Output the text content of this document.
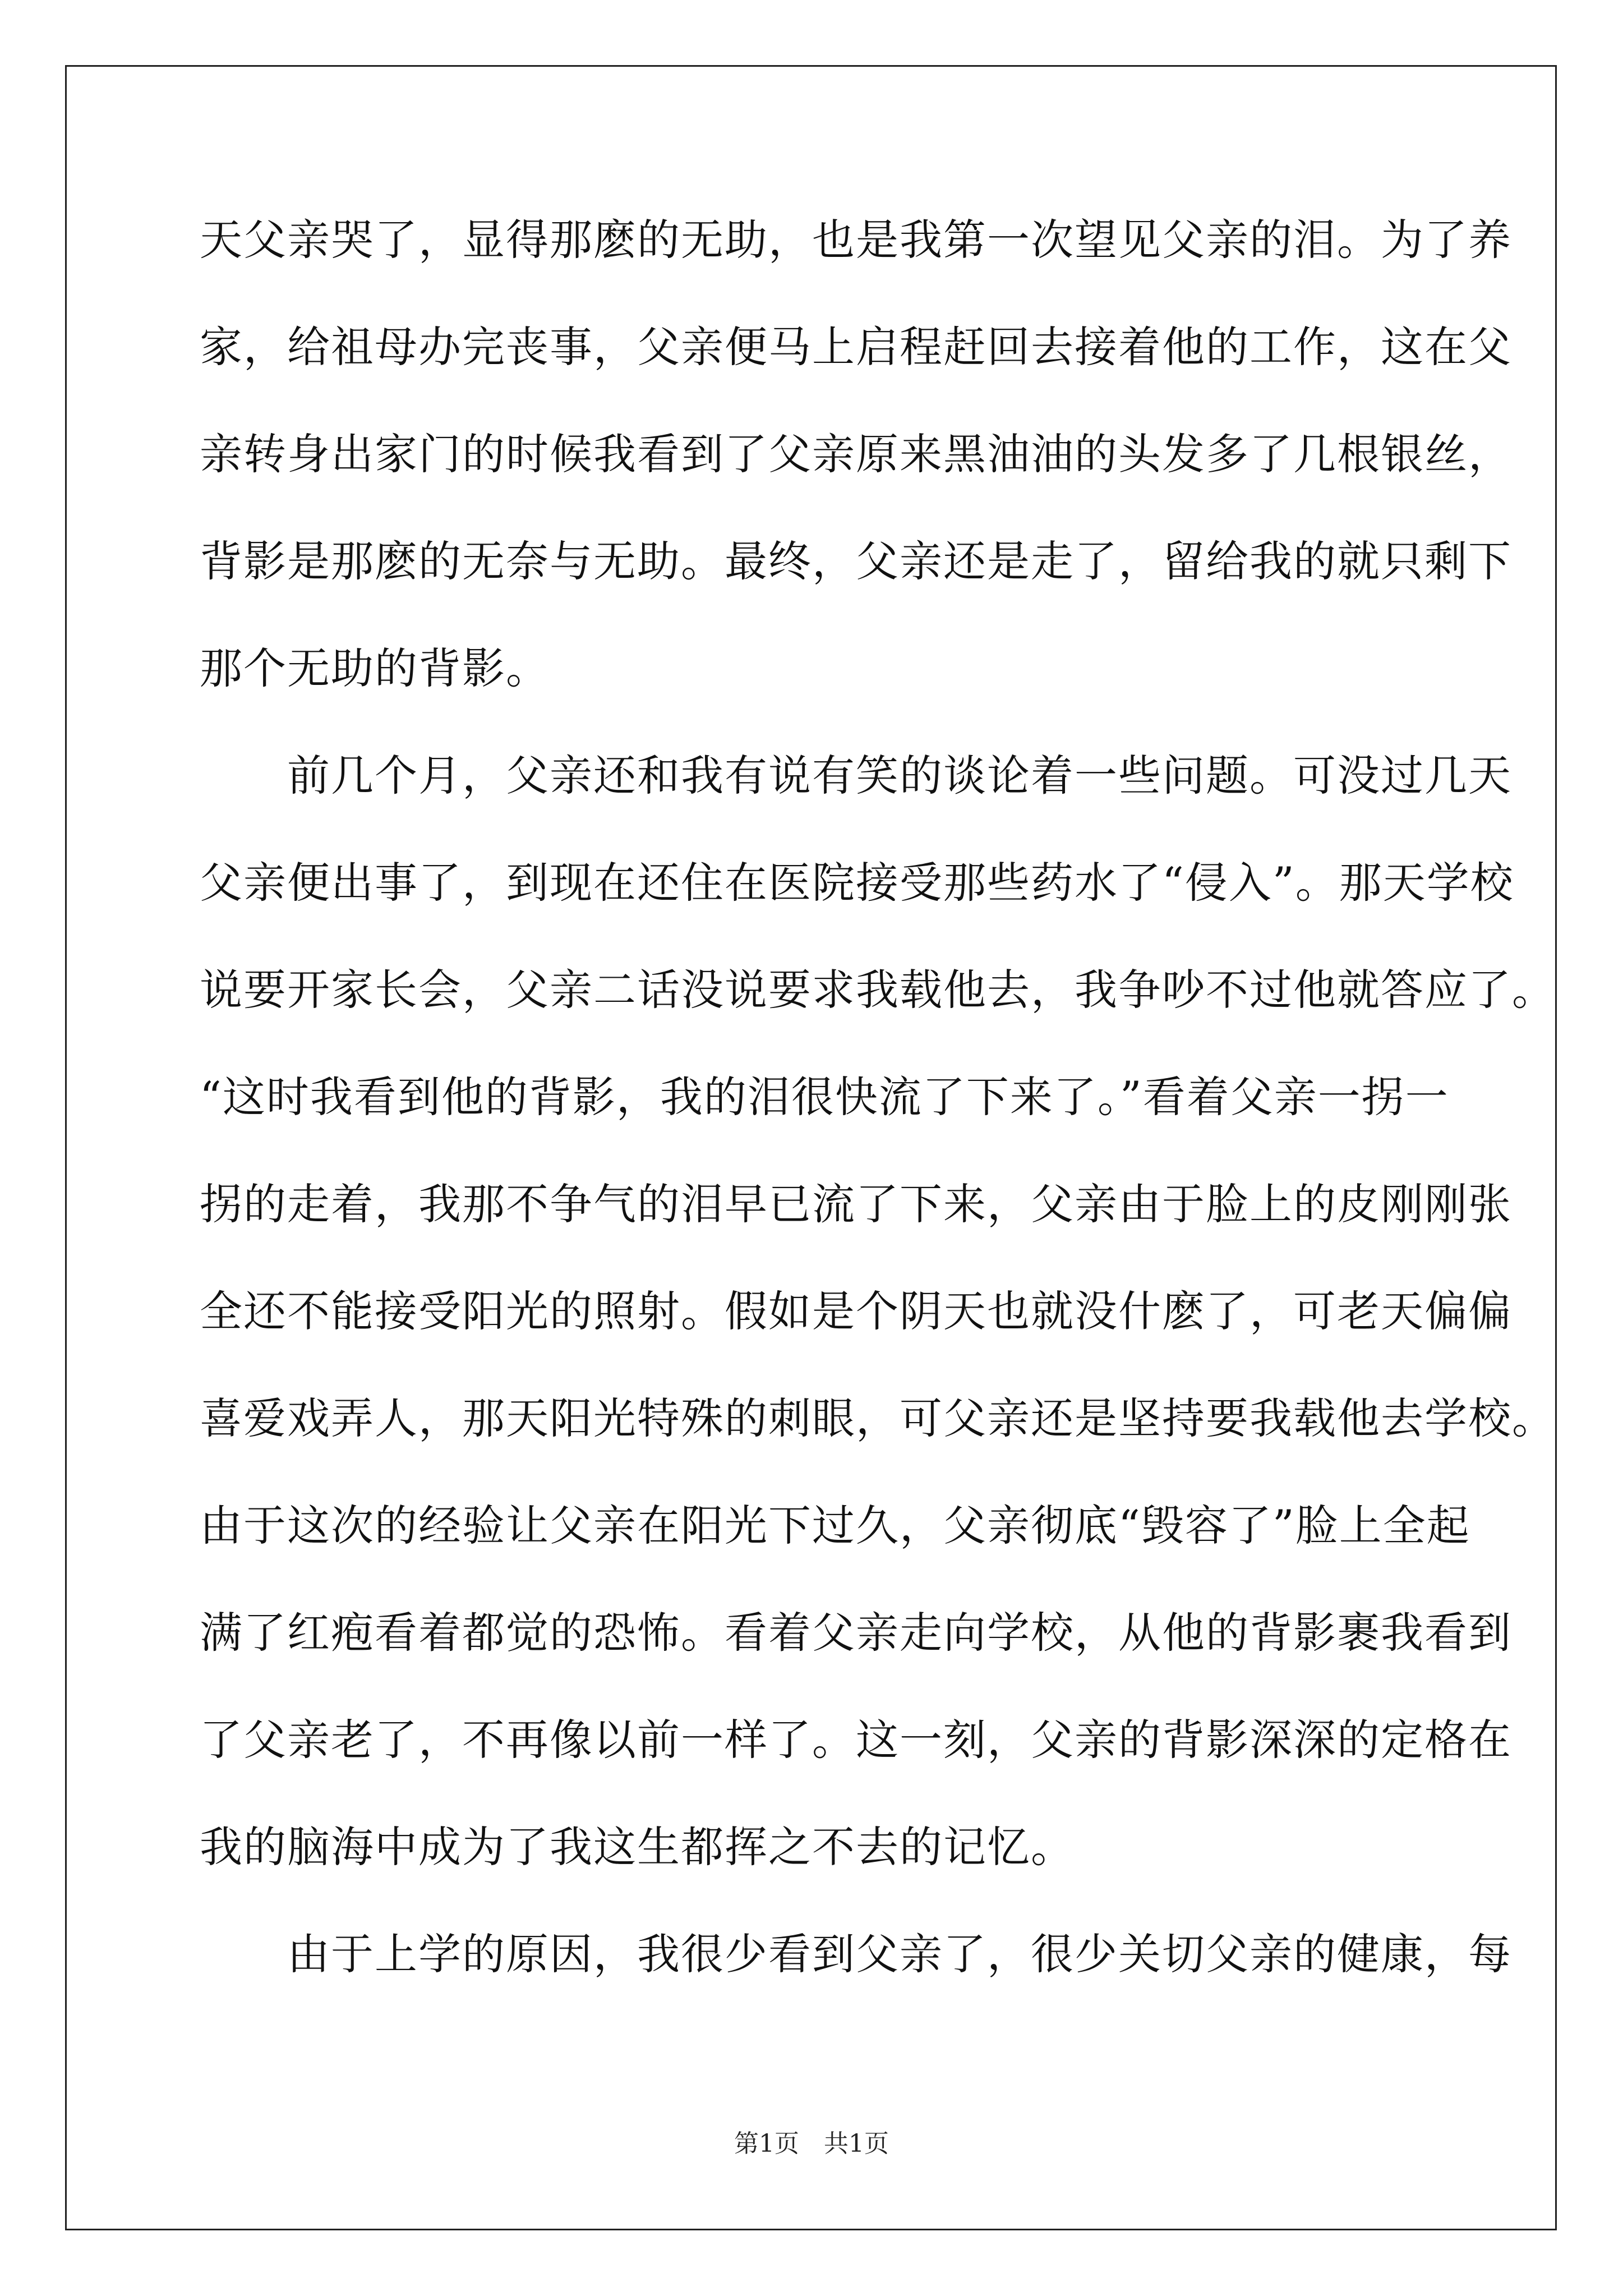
天父亲哭了，显得那麽的无助，也是我第一次望见父亲的泪。为了养
家，给祖母办完丧事，父亲便马上启程赶回去接着他的工作，这在父
亲转身出家门的时候我看到了父亲原来黑油油的头发多了几根银丝，
背影是那麽的无奈与无助。最终，父亲还是走了，留给我的就只剩下
那个无助的背影。
　　前几个月，父亲还和我有说有笑的谈论着一些问题。可没过几天
父亲便出事了，到现在还住在医院接受那些药水了“侵入”。那天学校
说要开家长会，父亲二话没说要求我载他去，我争吵不过他就答应了。
“这时我看到他的背影，我的泪很快流了下来了。”看着父亲一拐一
拐的走着，我那不争气的泪早已流了下来，父亲由于脸上的皮刚刚张
全还不能接受阳光的照射。假如是个阴天也就没什麽了，可老天偏偏
喜爱戏弄人，那天阳光特殊的刺眼，可父亲还是坚持要我载他去学校。
由于这次的经验让父亲在阳光下过久，父亲彻底“毁容了”脸上全起
满了红疱看着都觉的恐怖。看着父亲走向学校，从他的背影裹我看到
了父亲老了，不再像以前一样了。这一刻，父亲的背影深深的定格在
我的脑海中成为了我这生都挥之不去的记忆。
　　由于上学的原因，我很少看到父亲了，很少关切父亲的健康，每
第1页　共1页
